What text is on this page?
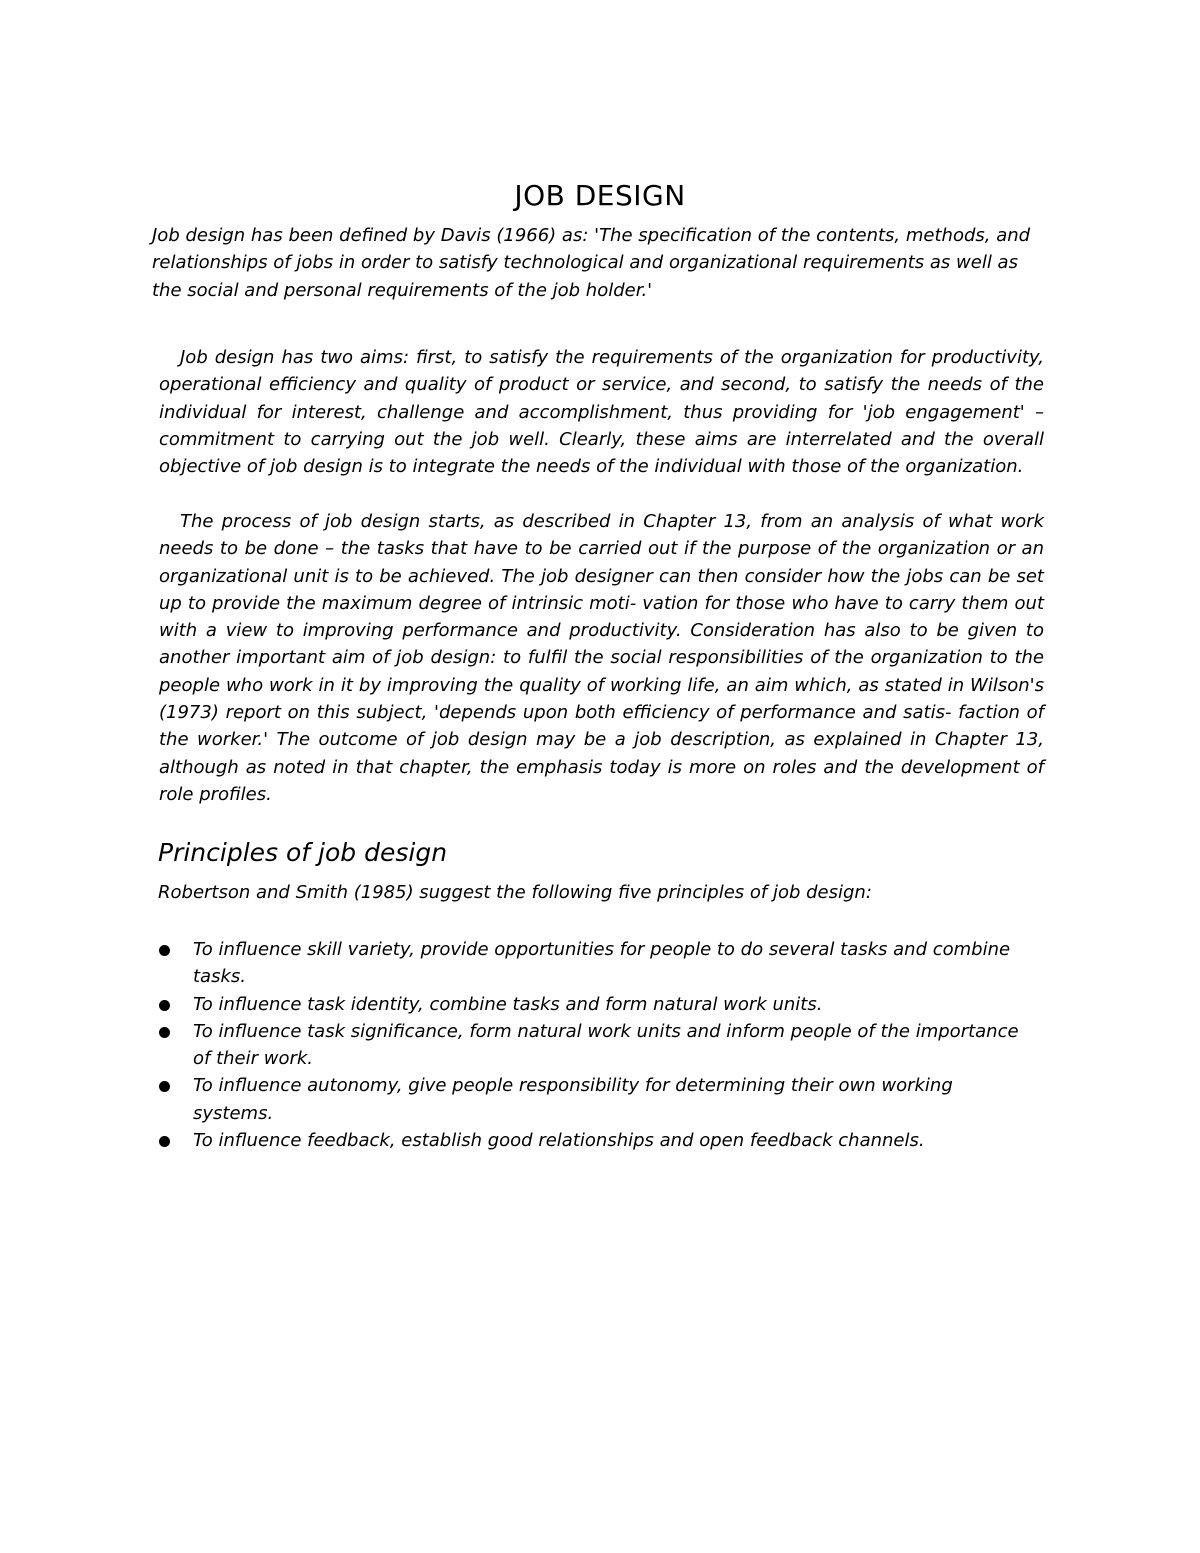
JOB DESIGN

Job design has been defined by Davis (1966) as: 'The specification of the contents, methods, and relationships of jobs in order to satisfy technological and organizational requirements as well as the social and personal requirements of the job holder.'

Job design has two aims: first, to satisfy the requirements of the organization for productivity, operational efficiency and quality of product or service, and second, to satisfy the needs of the individual for interest, challenge and accomplishment, thus providing for 'job engagement' – commitment to carrying out the job well. Clearly, these aims are interrelated and the overall objective of job design is to integrate the needs of the individual with those of the organization.

The process of job design starts, as described in Chapter 13, from an analysis of what work needs to be done – the tasks that have to be carried out if the purpose of the organization or an organizational unit is to be achieved. The job designer can then consider how the jobs can be set up to provide the maximum degree of intrinsic moti- vation for those who have to carry them out with a view to improving performance and productivity. Consideration has also to be given to another important aim of job design: to fulfil the social responsibilities of the organization to the people who work in it by improving the quality of working life, an aim which, as stated in Wilson's (1973) report on this subject, 'depends upon both efficiency of performance and satis- faction of the worker.' The outcome of job design may be a job description, as explained in Chapter 13, although as noted in that chapter, the emphasis today is more on roles and the development of role profiles.

Principles of job design

Robertson and Smith (1985) suggest the following five principles of job design:

To influence skill variety, provide opportunities for people to do several tasks and combine tasks.
To influence task identity, combine tasks and form natural work units.
To influence task significance, form natural work units and inform people of the importance of their work.
To influence autonomy, give people responsibility for determining their own working systems.
To influence feedback, establish good relationships and open feedback channels.
